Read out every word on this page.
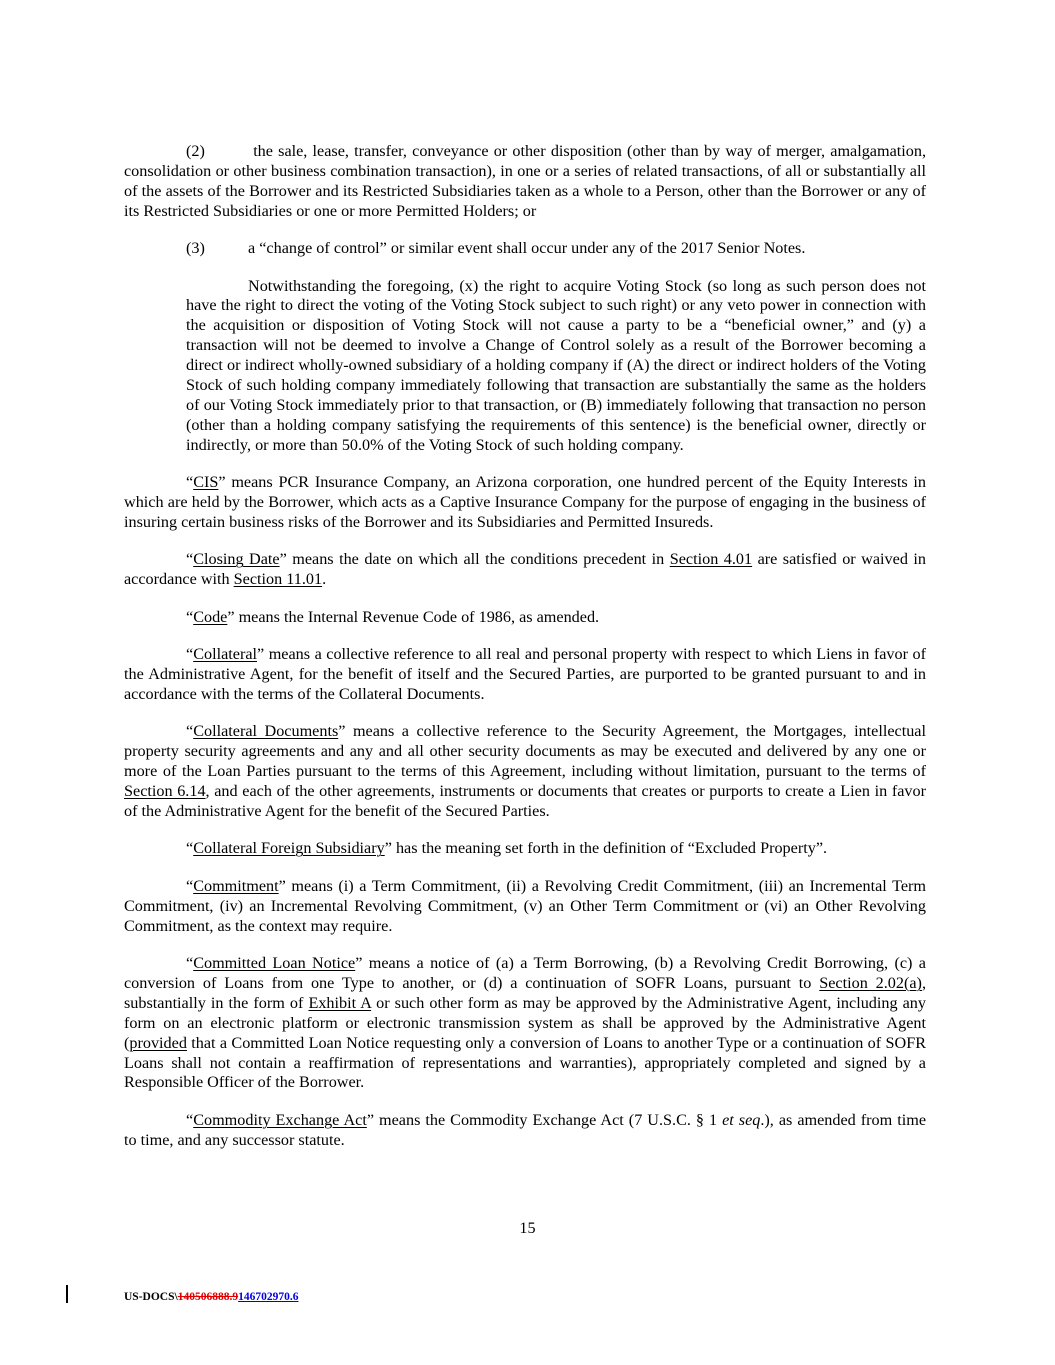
(2)	the sale, lease, transfer, conveyance or other disposition (other than by way of merger, amalgamation, consolidation or other business combination transaction), in one or a series of related transactions, of all or substantially all of the assets of the Borrower and its Restricted Subsidiaries taken as a whole to a Person, other than the Borrower or any of its Restricted Subsidiaries or one or more Permitted Holders; or

(3)	a “change of control” or similar event shall occur under any of the 2017 Senior Notes.

Notwithstanding the foregoing, (x) the right to acquire Voting Stock (so long as such person does not have the right to direct the voting of the Voting Stock subject to such right) or any veto power in connection with the acquisition or disposition of Voting Stock will not cause a party to be a “beneficial owner,” and (y) a transaction will not be deemed to involve a Change of Control solely as a result of the Borrower becoming a direct or indirect wholly-owned subsidiary of a holding company if (A) the direct or indirect holders of the Voting Stock of such holding company immediately following that transaction are substantially the same as the holders of our Voting Stock immediately prior to that transaction, or (B) immediately following that transaction no person (other than a holding company satisfying the requirements of this sentence) is the beneficial owner, directly or indirectly, or more than 50.0% of the Voting Stock of such holding company.

“CIS” means PCR Insurance Company, an Arizona corporation, one hundred percent of the Equity Interests in which are held by the Borrower, which acts as a Captive Insurance Company for the purpose of engaging in the business of insuring certain business risks of the Borrower and its Subsidiaries and Permitted Insureds.

“Closing Date” means the date on which all the conditions precedent in Section 4.01 are satisfied or waived in accordance with Section 11.01.

“Code” means the Internal Revenue Code of 1986, as amended.

“Collateral” means a collective reference to all real and personal property with respect to which Liens in favor of the Administrative Agent, for the benefit of itself and the Secured Parties, are purported to be granted pursuant to and in accordance with the terms of the Collateral Documents.

“Collateral Documents” means a collective reference to the Security Agreement, the Mortgages, intellectual property security agreements and any and all other security documents as may be executed and delivered by any one or more of the Loan Parties pursuant to the terms of this Agreement, including without limitation, pursuant to the terms of Section 6.14, and each of the other agreements, instruments or documents that creates or purports to create a Lien in favor of the Administrative Agent for the benefit of the Secured Parties.

“Collateral Foreign Subsidiary” has the meaning set forth in the definition of “Excluded Property”.

“Commitment” means (i) a Term Commitment, (ii) a Revolving Credit Commitment, (iii) an Incremental Term Commitment, (iv) an Incremental Revolving Commitment, (v) an Other Term Commitment or (vi) an Other Revolving Commitment, as the context may require.

“Committed Loan Notice” means a notice of (a) a Term Borrowing, (b) a Revolving Credit Borrowing, (c) a conversion of Loans from one Type to another, or (d) a continuation of SOFR Loans, pursuant to Section 2.02(a), substantially in the form of Exhibit A or such other form as may be approved by the Administrative Agent, including any form on an electronic platform or electronic transmission system as shall be approved by the Administrative Agent (provided that a Committed Loan Notice requesting only a conversion of Loans to another Type or a continuation of SOFR Loans shall not contain a reaffirmation of representations and warranties), appropriately completed and signed by a Responsible Officer of the Borrower.

“Commodity Exchange Act” means the Commodity Exchange Act (7 U.S.C. § 1 et seq.), as amended from time to time, and any successor statute.

15
US-DOCS\140506888.9146702970.6
